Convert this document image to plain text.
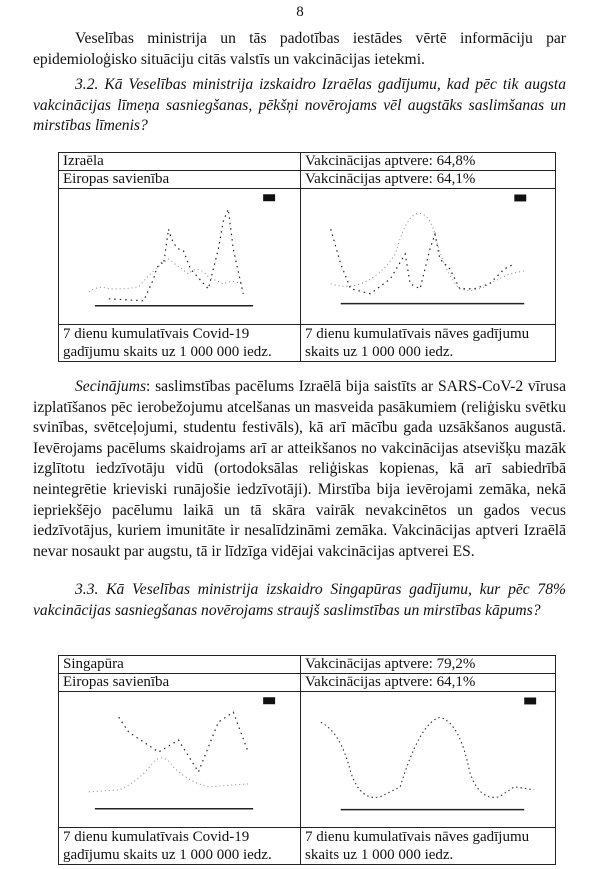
8
Veselības ministrija un tās padotības iestādes vērtē informāciju par epidemioloģisko situāciju citās valstīs un vakcinācijas ietekmi.
3.2. Kā Veselības ministrija izskaidro Izraēlas gadījumu, kad pēc tik augsta vakcinācijas līmeņa sasniegšanas, pēkšņi novērojams vēl augstāks saslimšanas un mirstības līmenis?
Izraēla	Vakcinācijas aptvere: 64,8%
Eiropas savienība	Vakcinācijas aptvere: 64,1%

7 dienu kumulatīvais Covid-19 gadījumu skaits uz 1 000 000 iedz.	7 dienu kumulatīvais nāves gadījumu skaits uz 1 000 000 iedz.
Secinājums: saslimstības pacēlums Izraēlā bija saistīts ar SARS-CoV-2 vīrusa izplatīšanos pēc ierobežojumu atcelšanas un masveida pasākumiem (reliģisku svētku svinības, svētceļojumi, studentu festivāls), kā arī mācību gada uzsākšanos augustā. Ievērojams pacēlums skaidrojams arī ar atteikšanos no vakcinācijas atsevišķu mazāk izglītotu iedzīvotāju vidū (ortodoksālas reliģiskas kopienas, kā arī sabiedrībā neintegrētie krieviski runājošie iedzīvotāji). Mirstība bija ievērojami zemāka, nekā iepriekšējo pacēlumu laikā un tā skāra vairāk nevakcinētos un gados vecus iedzīvotājus, kuriem imunitāte ir nesalīdzināmi zemāka. Vakcinācijas aptveri Izraēlā nevar nosaukt par augstu, tā ir līdzīga vidējai vakcinācijas aptverei ES.
3.3. Kā Veselības ministrija izskaidro Singapūras gadījumu, kur pēc 78% vakcinācijas sasniegšanas novērojams straujš saslimstības un mirstības kāpums?
Singapūra	Vakcinācijas aptvere: 79,2%
Eiropas savienība	Vakcinācijas aptvere: 64,1%

7 dienu kumulatīvais Covid-19 gadījumu skaits uz 1 000 000 iedz.	7 dienu kumulatīvais nāves gadījumu skaits uz 1 000 000 iedz.
